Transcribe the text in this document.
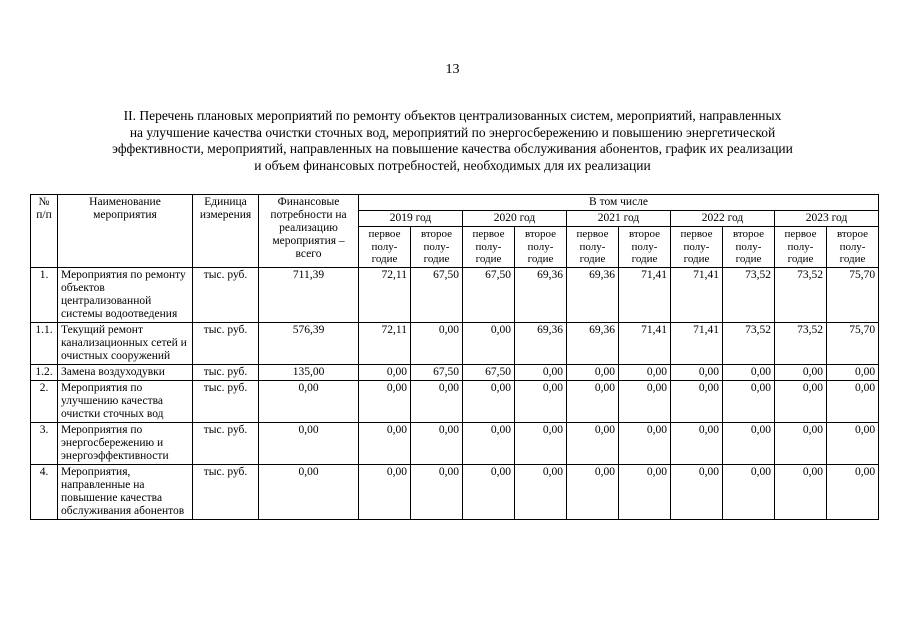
13
II. Перечень плановых мероприятий по ремонту объектов централизованных систем, мероприятий, направленных
на улучшение качества очистки сточных вод, мероприятий по энергосбережению и повышению энергетической
эффективности, мероприятий, направленных на повышение качества обслуживания абонентов, график их реализации
и объем финансовых потребностей, необходимых для их реализации
№ п/п	Наименование мероприятия	Единица измерения	Финансовые потребности на реализацию мероприятия – всего	В том числе									
				2019 год		2020 год		2021 год		2022 год		2023 год	
				первое полу-годие	второе полу-годие	первое полу-годие	второе полу-годие	первое полу-годие	второе полу-годие	первое полу-годие	второе полу-годие	первое полу-годие	второе полу-годие
1.	Мероприятия по ремонту объектов централизованной системы водоотведения	тыс. руб.	711,39	72,11	67,50	67,50	69,36	69,36	71,41	71,41	73,52	73,52	75,70
1.1.	Текущий ремонт канализационных сетей и очистных сооружений	тыс. руб.	576,39	72,11	0,00	0,00	69,36	69,36	71,41	71,41	73,52	73,52	75,70
1.2.	Замена воздуходувки	тыс. руб.	135,00	0,00	67,50	67,50	0,00	0,00	0,00	0,00	0,00	0,00	0,00
2.	Мероприятия по улучшению качества очистки сточных вод	тыс. руб.	0,00	0,00	0,00	0,00	0,00	0,00	0,00	0,00	0,00	0,00	0,00
3.	Мероприятия по энергосбережению и энергоэффективности	тыс. руб.	0,00	0,00	0,00	0,00	0,00	0,00	0,00	0,00	0,00	0,00	0,00
4.	Мероприятия, направленные на повышение качества обслуживания абонентов	тыс. руб.	0,00	0,00	0,00	0,00	0,00	0,00	0,00	0,00	0,00	0,00	0,00
